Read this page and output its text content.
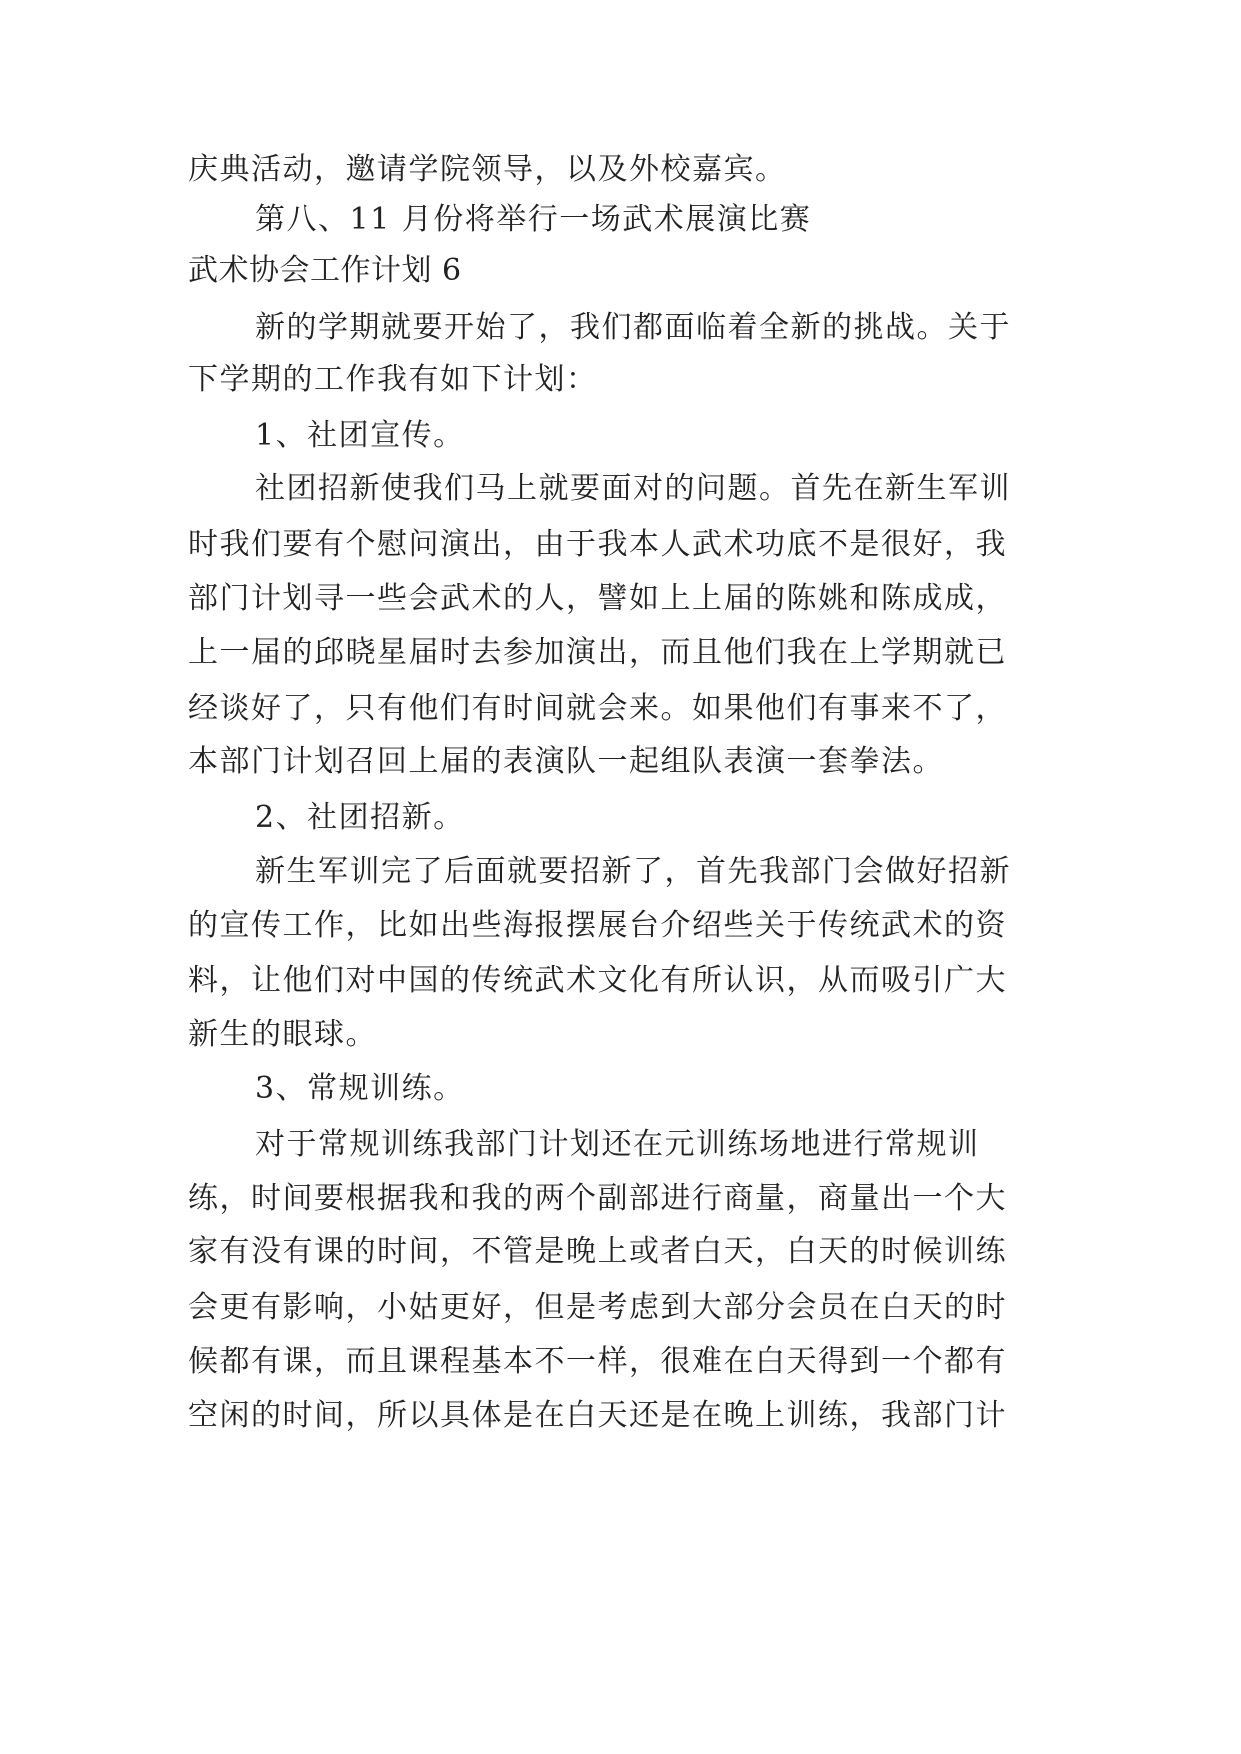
庆典活动，邀请学院领导，以及外校嘉宾。
第八、11 月份将举行一场武术展演比赛
武术协会工作计划 6
新的学期就要开始了，我们都面临着全新的挑战。关于
下学期的工作我有如下计划：
1、社团宣传。
社团招新使我们马上就要面对的问题。首先在新生军训
时我们要有个慰问演出，由于我本人武术功底不是很好，我
部门计划寻一些会武术的人，譬如上上届的陈姚和陈成成，
上一届的邱晓星届时去参加演出，而且他们我在上学期就已
经谈好了，只有他们有时间就会来。如果他们有事来不了，
本部门计划召回上届的表演队一起组队表演一套拳法。
2、社团招新。
新生军训完了后面就要招新了，首先我部门会做好招新
的宣传工作，比如出些海报摆展台介绍些关于传统武术的资
料，让他们对中国的传统武术文化有所认识，从而吸引广大
新生的眼球。
3、常规训练。
对于常规训练我部门计划还在元训练场地进行常规训
练，时间要根据我和我的两个副部进行商量，商量出一个大
家有没有课的时间，不管是晚上或者白天，白天的时候训练
会更有影响，小姑更好，但是考虑到大部分会员在白天的时
候都有课，而且课程基本不一样，很难在白天得到一个都有
空闲的时间，所以具体是在白天还是在晚上训练，我部门计
